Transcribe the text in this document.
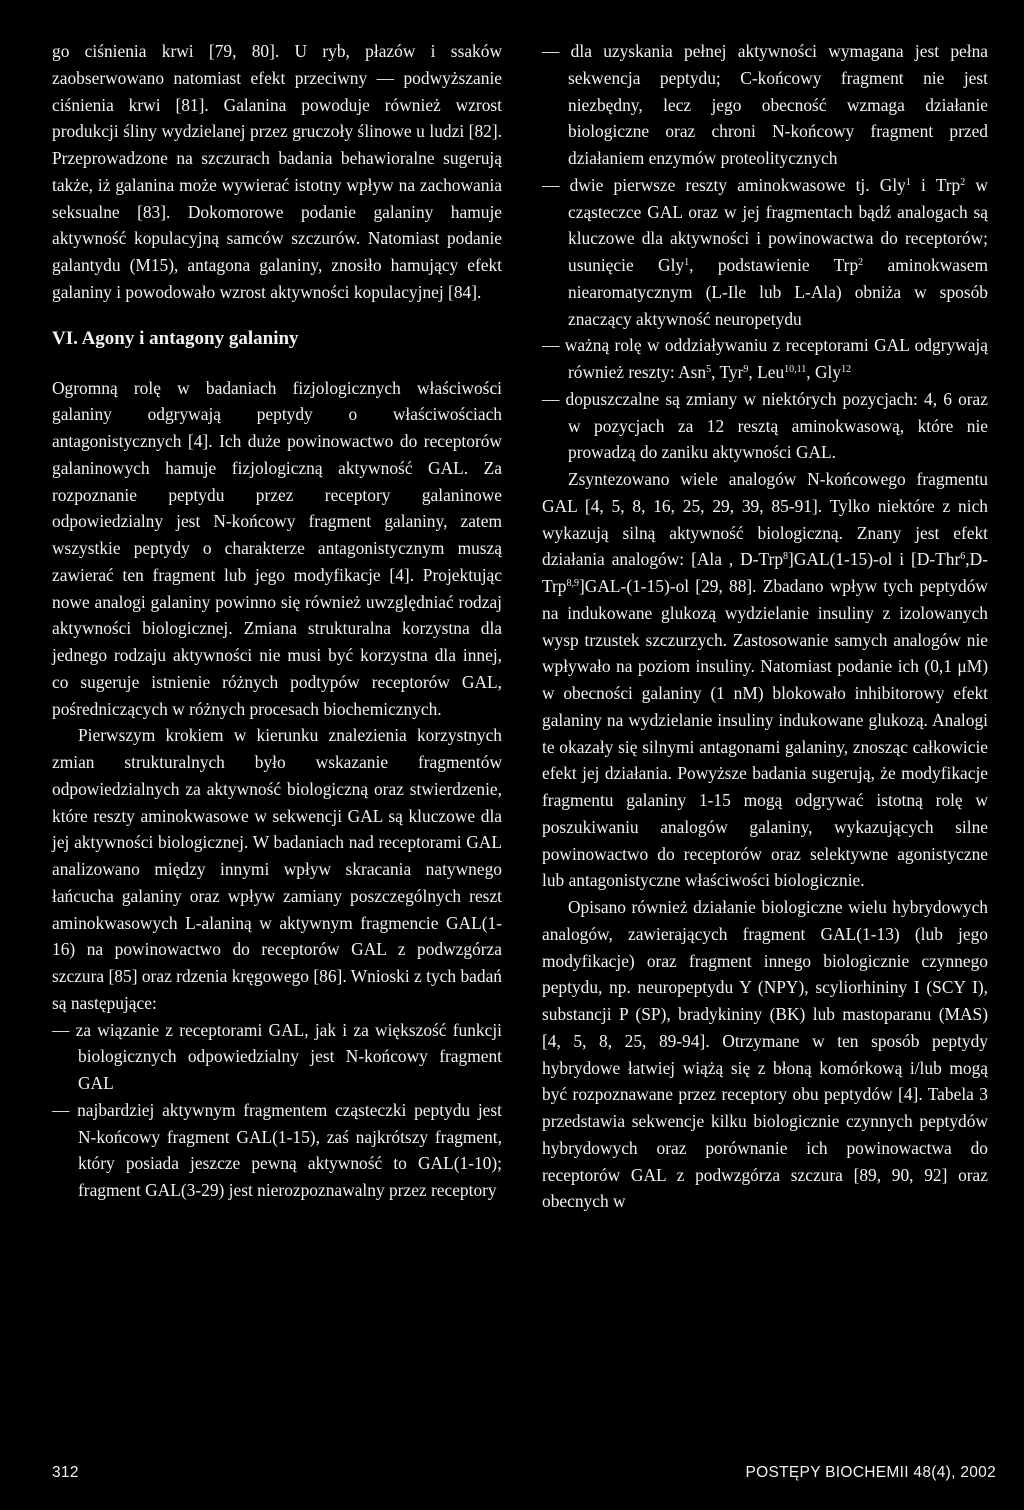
go ciśnienia krwi [79, 80]. U ryb, płazów i ssaków zaobserwowano natomiast efekt przeciwny — podwyższanie ciśnienia krwi [81]. Galanina powoduje również wzrost produkcji śliny wydzielanej przez gruczoły ślinowe u ludzi [82]. Przeprowadzone na szczurach badania behawioralne sugerują także, iż galanina może wywierać istotny wpływ na zachowania seksualne [83]. Dokomorowe podanie galaniny hamuje aktywność kopulacyjną samców szczurów. Natomiast podanie galantydu (M15), antagona galaniny, znosiło hamujący efekt galaniny i powodowało wzrost aktywności kopulacyjnej [84].

VI. Agony i antagony galaniny

Ogromną rolę w badaniach fizjologicznych właściwości galaniny odgrywają peptydy o właściwościach antagonistycznych [4]. Ich duże powinowactwo do receptorów galaninowych hamuje fizjologiczną aktywność GAL. Za rozpoznanie peptydu przez receptory galaninowe odpowiedzialny jest N-końcowy fragment galaniny, zatem wszystkie peptydy o charakterze antagonistycznym muszą zawierać ten fragment lub jego modyfikacje [4]. Projektując nowe analogi galaniny powinno się również uwzględniać rodzaj aktywności biologicznej. Zmiana strukturalna korzystna dla jednego rodzaju aktywności nie musi być korzystna dla innej, co sugeruje istnienie różnych podtypów receptorów GAL, pośredniczących w różnych procesach biochemicznych.

Pierwszym krokiem w kierunku znalezienia korzystnych zmian strukturalnych było wskazanie fragmentów odpowiedzialnych za aktywność biologiczną oraz stwierdzenie, które reszty aminokwasowe w sekwencji GAL są kluczowe dla jej aktywności biologicznej. W badaniach nad receptorami GAL analizowano między innymi wpływ skracania natywnego łańcucha galaniny oraz wpływ zamiany poszczególnych reszt aminokwasowych L-alaniną w aktywnym fragmencie GAL(1-16) na powinowactwo do receptorów GAL z podwzgórza szczura [85] oraz rdzenia kręgowego [86]. Wnioski z tych badań są następujące:

— za wiązanie z receptorami GAL, jak i za większość funkcji biologicznych odpowiedzialny jest N-końcowy fragment GAL

— najbardziej aktywnym fragmentem cząsteczki peptydu jest N-końcowy fragment GAL(1-15), zaś najkrótszy fragment, który posiada jeszcze pewną aktywność to GAL(1-10); fragment GAL(3-29) jest nierozpoznawalny przez receptory

— dla uzyskania pełnej aktywności wymagana jest pełna sekwencja peptydu; C-końcowy fragment nie jest niezbędny, lecz jego obecność wzmaga działanie biologiczne oraz chroni N-końcowy fragment przed działaniem enzymów proteolitycznych

— dwie pierwsze reszty aminokwasowe tj. Gly$^1$ i Trp$^2$ w cząsteczce GAL oraz w jej fragmentach bądź analogach są kluczowe dla aktywności i powinowactwa do receptorów; usunięcie Gly$^1$, podstawienie Trp$^2$ aminokwasem niearomatycznym (L-Ile lub L-Ala) obniża w sposób znaczący aktywność neuropetydu

— ważną rolę w oddziaływaniu z receptorami GAL odgrywają również reszty: Asn$^5$, Tyr$^9$, Leu$^{10,11}$, Gly$^{12}$

— dopuszczalne są zmiany w niektórych pozycjach: 4, 6 oraz w pozycjach za 12 resztą aminokwasową, które nie prowadzą do zaniku aktywności GAL.

Zsyntezowano wiele analogów N-końcowego fragmentu GAL [4, 5, 8, 16, 25, 29, 39, 85-91]. Tylko niektóre z nich wykazują silną aktywność biologiczną. Znany jest efekt działania analogów: [Ala , D-Trp$^8$]GAL(1-15)-ol i [D-Thr$^6$,D-Trp$^{8,9}$]GAL-(1-15)-ol [29, 88]. Zbadano wpływ tych peptydów na indukowane glukozą wydzielanie insuliny z izolowanych wysp trzustek szczurzych. Zastosowanie samych analogów nie wpływało na poziom insuliny. Natomiast podanie ich (0,1 μM) w obecności galaniny (1 nM) blokowało inhibitorowy efekt galaniny na wydzielanie insuliny indukowane glukozą. Analogi te okazały się silnymi antagonami galaniny, znosząc całkowicie efekt jej działania. Powyższe badania sugerują, że modyfikacje fragmentu galaniny 1-15 mogą odgrywać istotną rolę w poszukiwaniu analogów galaniny, wykazujących silne powinowactwo do receptorów oraz selektywne agonistyczne lub antagonistyczne właściwości biologicznie.

Opisano również działanie biologiczne wielu hybrydowych analogów, zawierających fragment GAL(1-13) (lub jego modyfikacje) oraz fragment innego biologicznie czynnego peptydu, np. neuropeptydu Y (NPY), scyliorhininy I (SCY I), substancji P (SP), bradykininy (BK) lub mastoparanu (MAS) [4, 5, 8, 25, 89-94]. Otrzymane w ten sposób peptydy hybrydowe łatwiej wiążą się z błoną komórkową i/lub mogą być rozpoznawane przez receptory obu peptydów [4]. Tabela 3 przedstawia sekwencje kilku biologicznie czynnych peptydów hybrydowych oraz porównanie ich powinowactwa do receptorów GAL z podwzgórza szczura [89, 90, 92] oraz obecnych w

312	POSTĘPY BIOCHEMII 48(4), 2002
